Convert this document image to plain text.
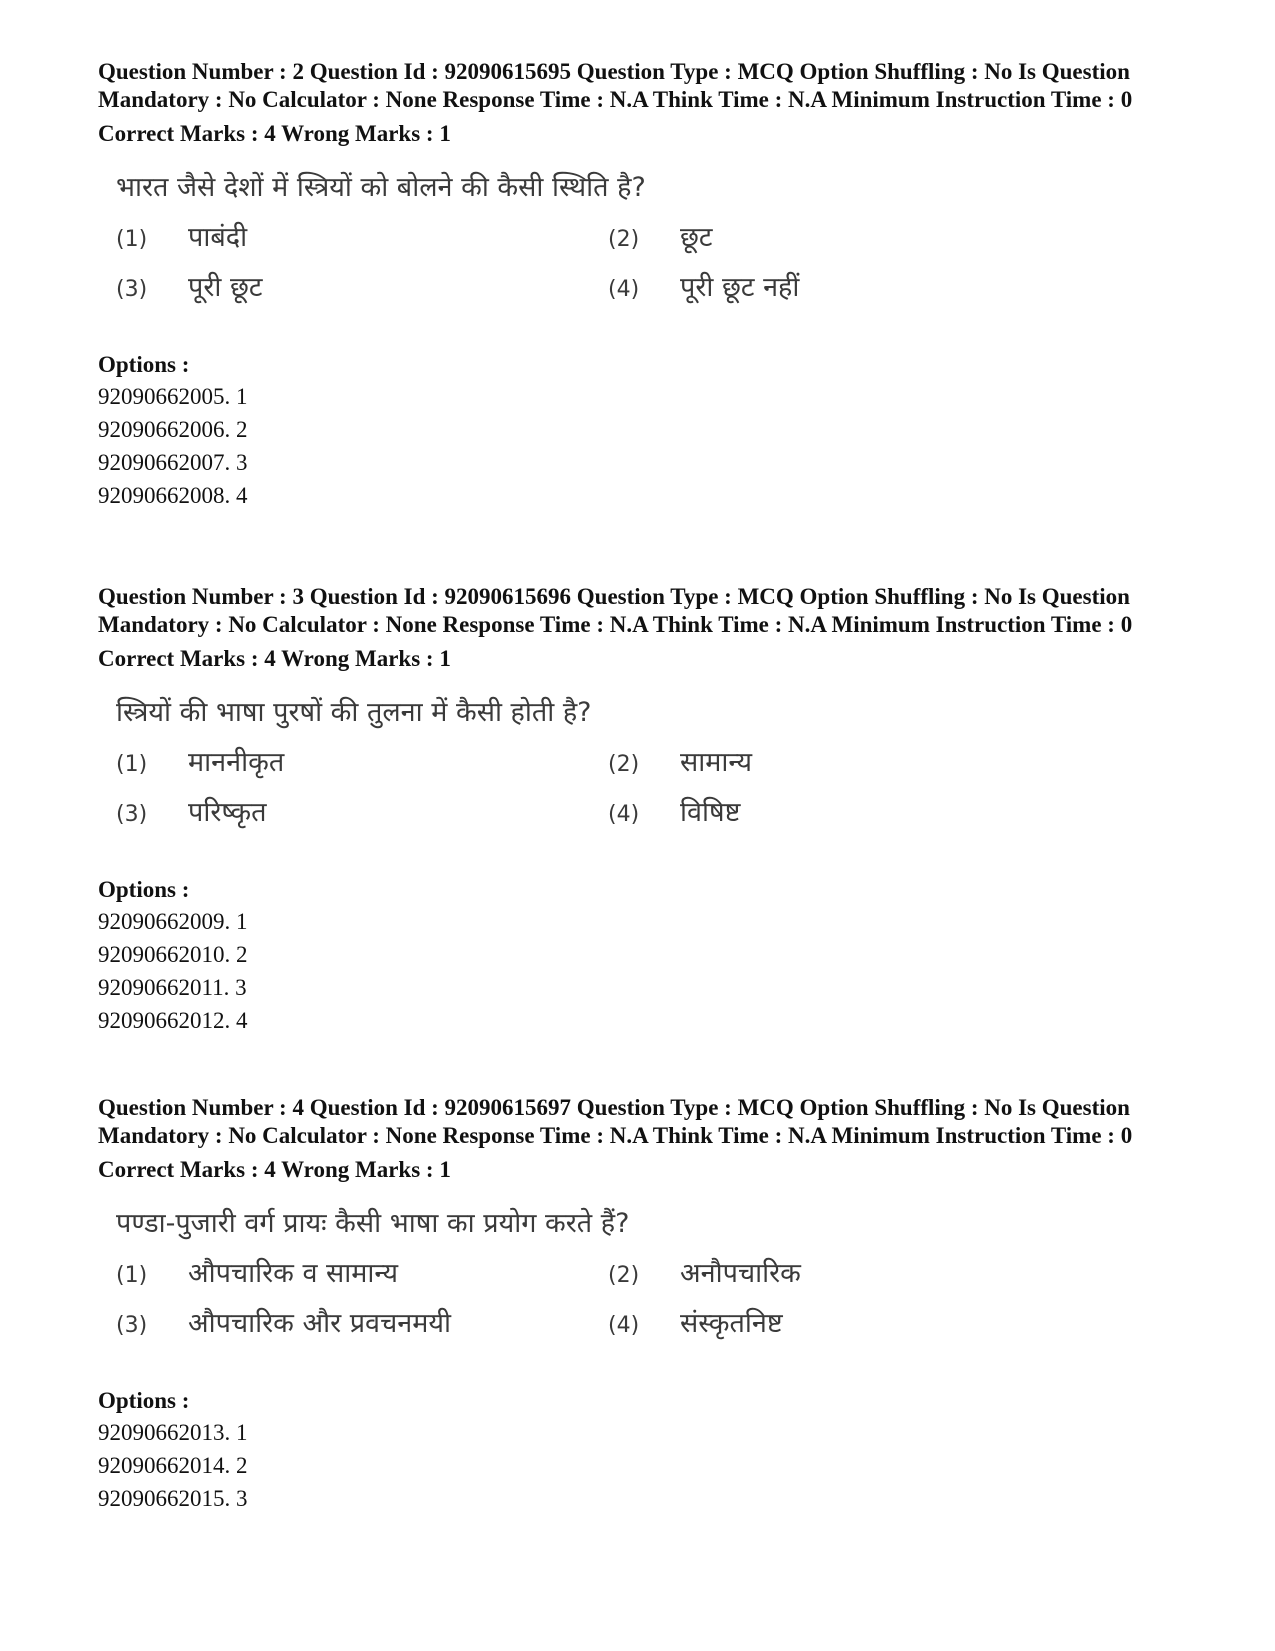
Question Number : 2 Question Id : 92090615695 Question Type : MCQ Option Shuffling : No Is Question Mandatory : No Calculator : None Response Time : N.A Think Time : N.A Minimum Instruction Time : 0
Correct Marks : 4 Wrong Marks : 1
भारत जैसे देशों में स्त्रियों को बोलने की कैसी स्थिति है?
(1) पाबंदी	(2) छूट
(3) पूरी छूट	(4) पूरी छूट नहीं
Options :
92090662005. 1
92090662006. 2
92090662007. 3
92090662008. 4
Question Number : 3 Question Id : 92090615696 Question Type : MCQ Option Shuffling : No Is Question Mandatory : No Calculator : None Response Time : N.A Think Time : N.A Minimum Instruction Time : 0
Correct Marks : 4 Wrong Marks : 1
स्त्रियों की भाषा पुरषों की तुलना में कैसी होती है?
(1) माननीकृत	(2) सामान्य
(3) परिष्कृत	(4) विषिष्ट
Options :
92090662009. 1
92090662010. 2
92090662011. 3
92090662012. 4
Question Number : 4 Question Id : 92090615697 Question Type : MCQ Option Shuffling : No Is Question Mandatory : No Calculator : None Response Time : N.A Think Time : N.A Minimum Instruction Time : 0
Correct Marks : 4 Wrong Marks : 1
पण्डा-पुजारी वर्ग प्रायः कैसी भाषा का प्रयोग करते हैं?
(1) औपचारिक व सामान्य	(2) अनौपचारिक
(3) औपचारिक और प्रवचनमयी	(4) संस्कृतनिष्ट
Options :
92090662013. 1
92090662014. 2
92090662015. 3
